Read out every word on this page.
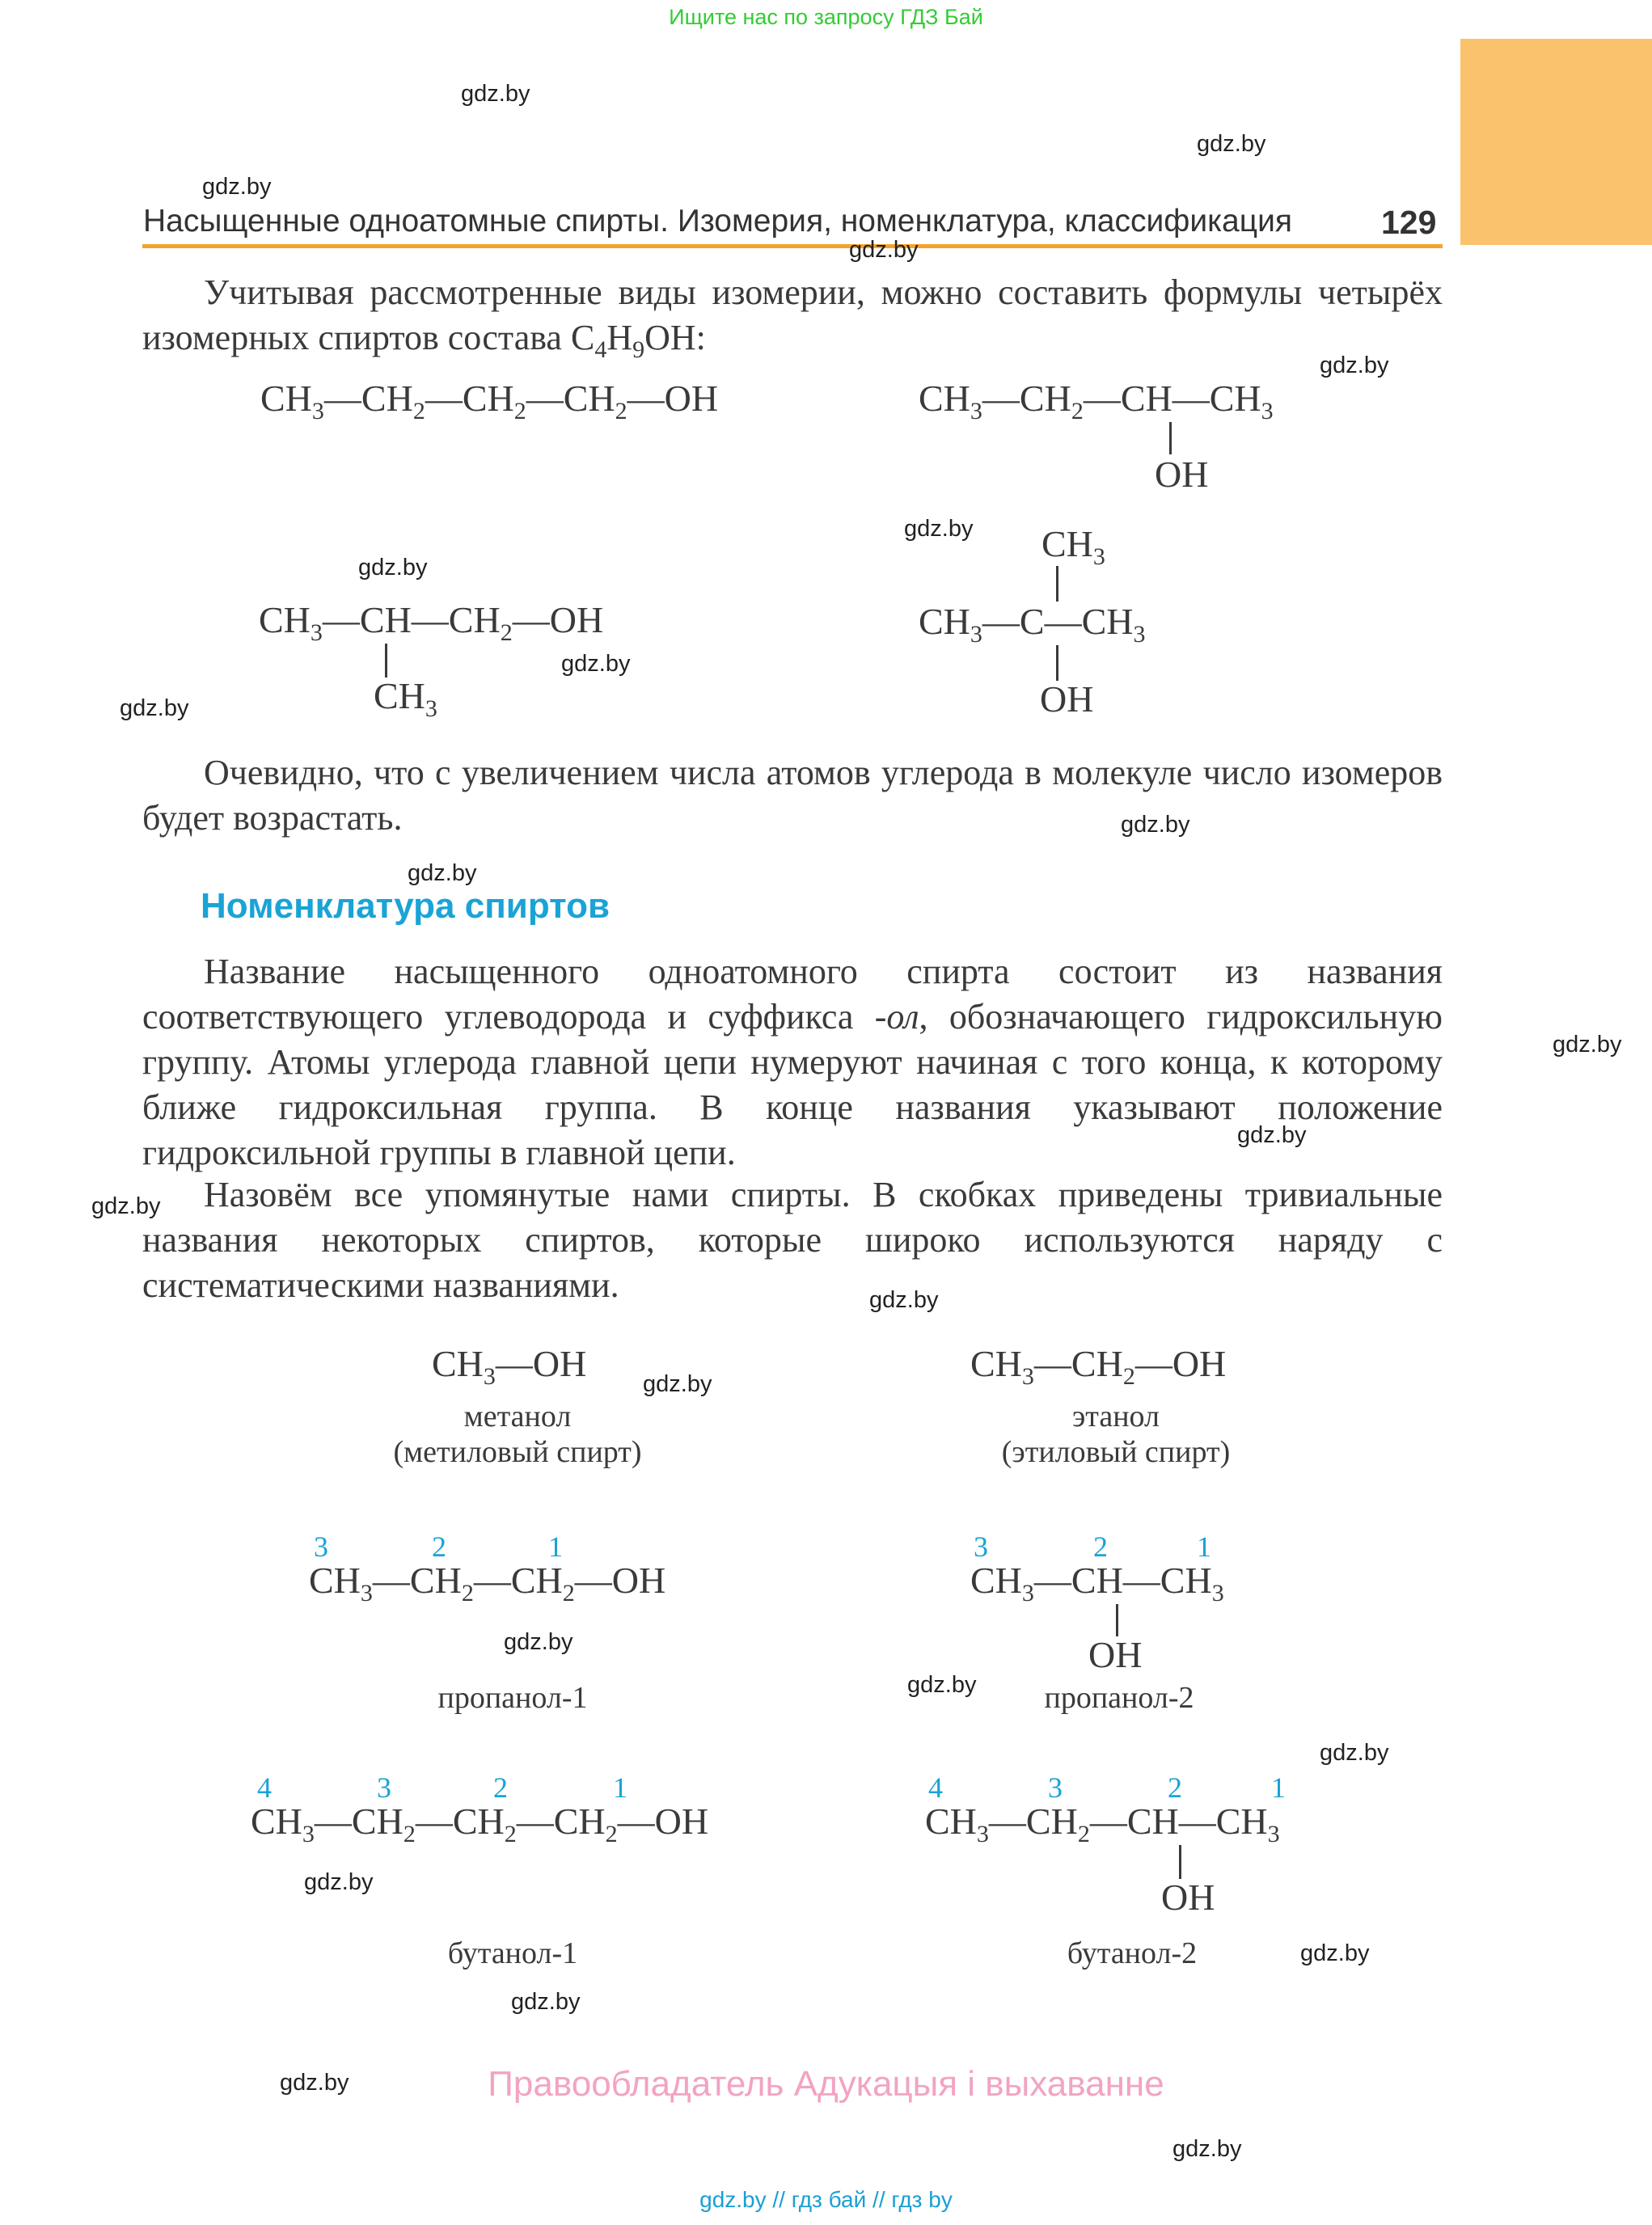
Ищите нас по запросу ГДЗ Бай
Насыщенные одноатомные спирты. Изомерия, номенклатура, классификация	129
gdz.by
gdz.by
gdz.by
gdz.by
gdz.by
gdz.by
gdz.by
gdz.by
gdz.by
gdz.by
gdz.by
gdz.by
gdz.by
gdz.by
gdz.by
gdz.by
gdz.by
gdz.by
gdz.by
gdz.by
gdz.by
gdz.by
gdz.by
gdz.by

Учитывая рассмотренные виды изомерии, можно составить формулы четырёх изомерных спиртов состава $C_4H_9OH$:

$CH_3—CH_2—CH_2—CH_2—OH$	$CH_3—CH_2—CH—CH_3$
OH
$CH_3—CH—CH_2—OH$
$CH_3$
$CH_3$
$CH_3—C—CH_3$
OH

Очевидно, что с увеличением числа атомов углерода в молекуле число изомеров будет возрастать.

Номенклатура спиртов

Название насыщенного одноатомного спирта состоит из названия соответствующего углеводорода и суффикса -ол, обозначающего гидроксильную группу. Атомы углерода главной цепи нумеруют начиная с того конца, к которому ближе гидроксильная группа. В конце названия указывают положение гидроксильной группы в главной цепи.

Назовём все упомянутые нами спирты. В скобках приведены тривиальные названия некоторых спиртов, которые широко используются наряду с систематическими названиями.

$CH_3—OH$
метанол
(метиловый спирт)
$CH_3—CH_2—OH$
этанол
(этиловый спирт)
3	2	1
$CH_3—CH_2—CH_2—OH$
пропанол-1
3	2	1
$CH_3—CH—CH_3$
OH
пропанол-2
4	3	2	1
$CH_3—CH_2—CH_2—CH_2—OH$
бутанол-1
4	3	2	1
$CH_3—CH_2—CH—CH_3$
OH
бутанол-2
Правообладатель Адукацыя і выхаванне
gdz.by // гдз бай // гдз by
